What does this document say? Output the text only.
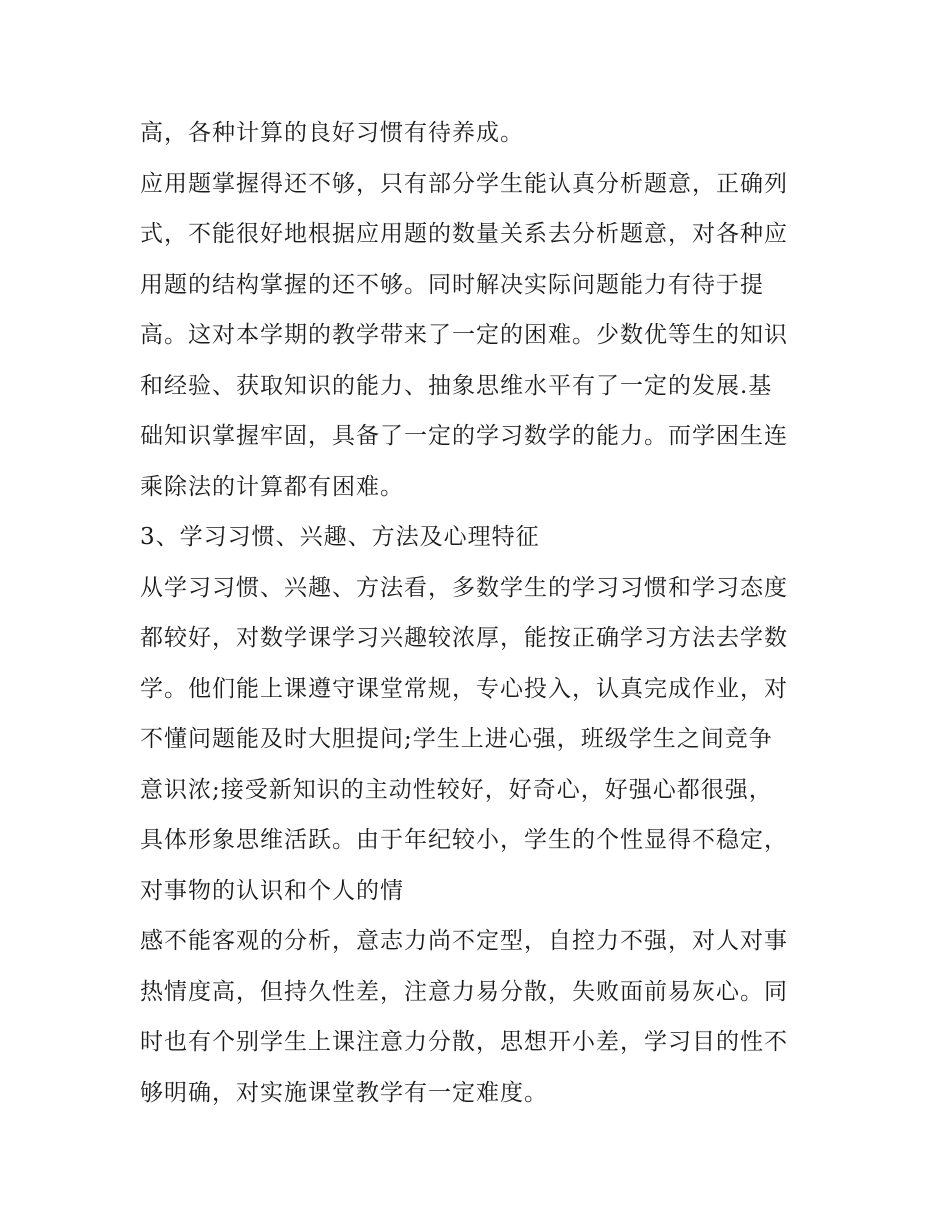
高，各种计算的良好习惯有待养成。
应用题掌握得还不够，只有部分学生能认真分析题意，正确列
式，不能很好地根据应用题的数量关系去分析题意，对各种应
用题的结构掌握的还不够。同时解决实际问题能力有待于提
高。这对本学期的教学带来了一定的困难。少数优等生的知识
和经验、获取知识的能力、抽象思维水平有了一定的发展.基
础知识掌握牢固，具备了一定的学习数学的能力。而学困生连
乘除法的计算都有困难。
3、学习习惯、兴趣、方法及心理特征
从学习习惯、兴趣、方法看，多数学生的学习习惯和学习态度
都较好，对数学课学习兴趣较浓厚，能按正确学习方法去学数
学。他们能上课遵守课堂常规，专心投入，认真完成作业，对
不懂问题能及时大胆提问;学生上进心强，班级学生之间竞争
意识浓;接受新知识的主动性较好，好奇心，好强心都很强，
具体形象思维活跃。由于年纪较小，学生的个性显得不稳定，
对事物的认识和个人的情
感不能客观的分析，意志力尚不定型，自控力不强，对人对事
热情度高，但持久性差，注意力易分散，失败面前易灰心。同
时也有个别学生上课注意力分散，思想开小差，学习目的性不
够明确，对实施课堂教学有一定难度。
